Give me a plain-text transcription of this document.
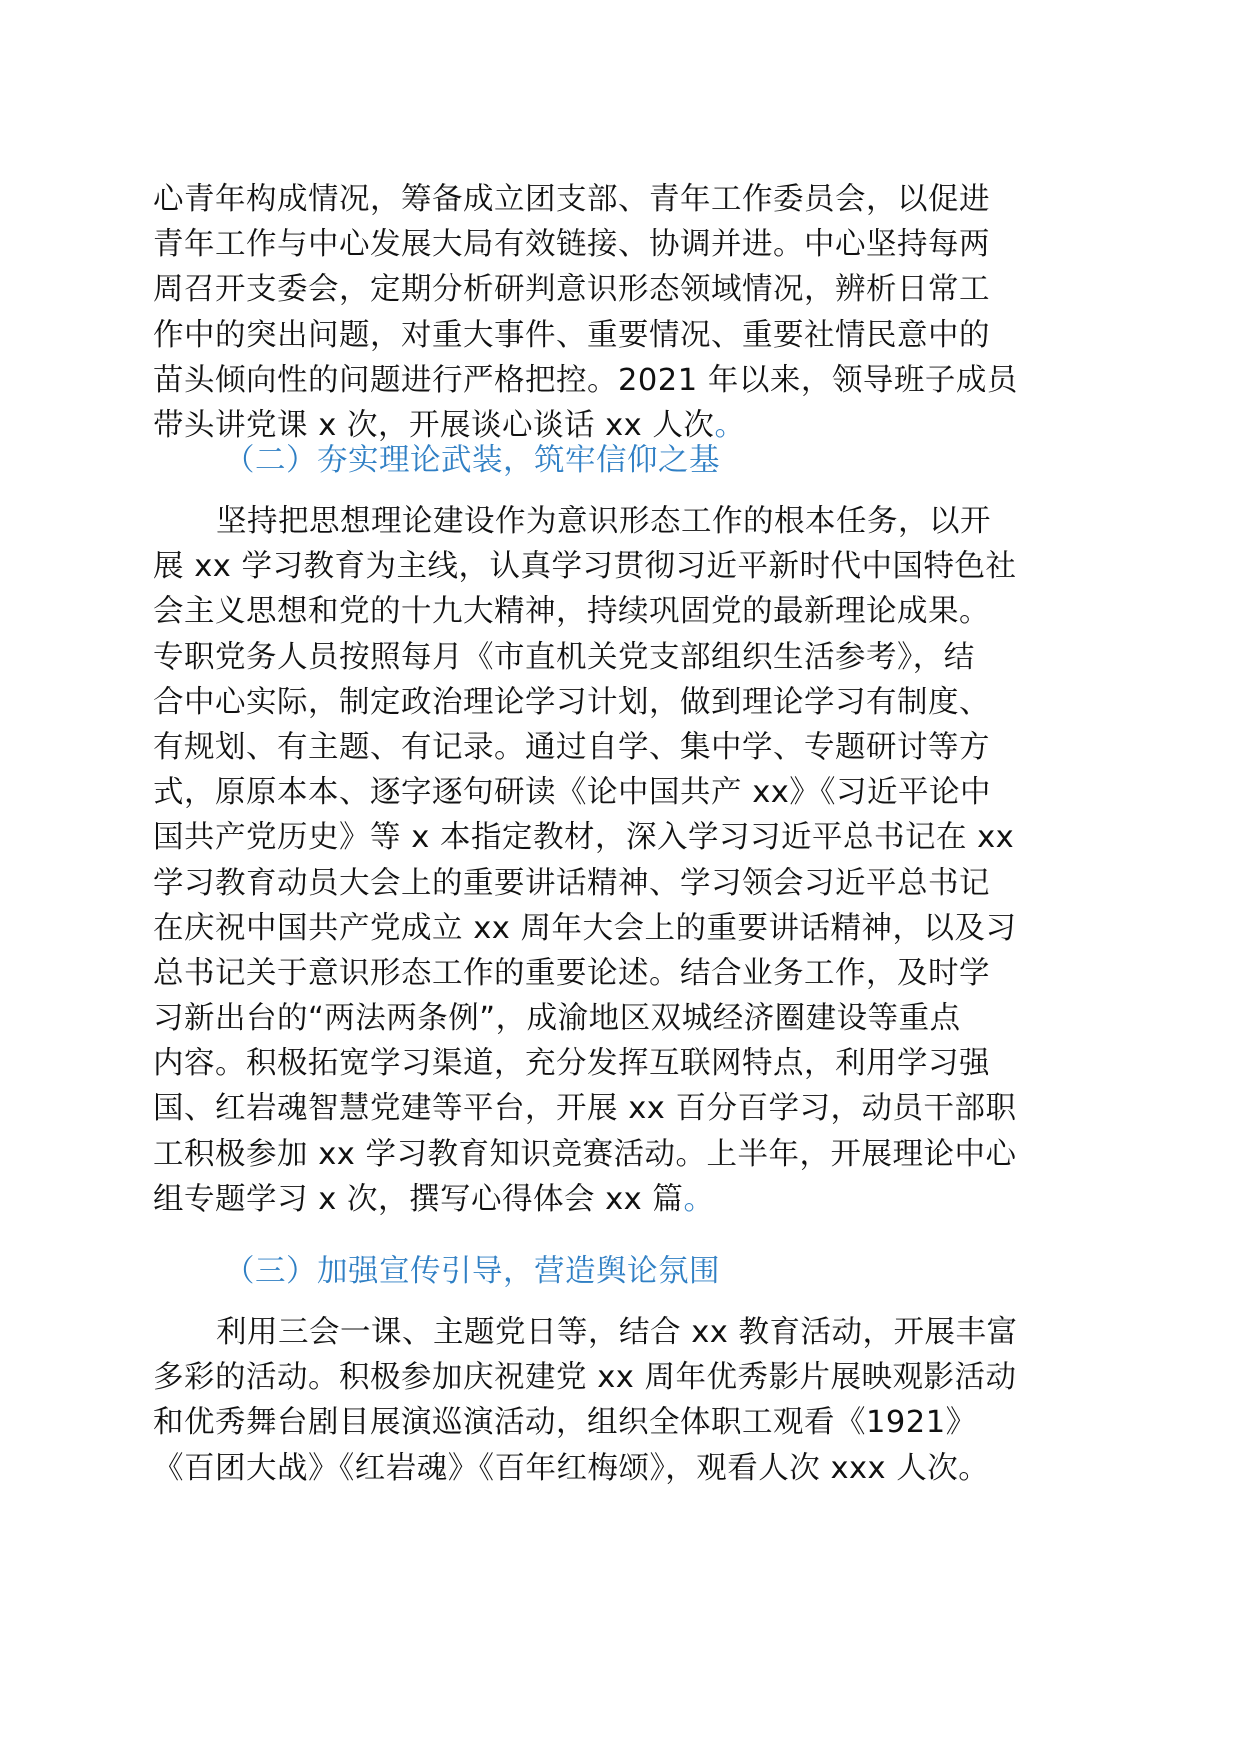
心青年构成情况，筹备成立团支部、青年工作委员会，以促进
青年工作与中心发展大局有效链接、协调并进。中心坚持每两
周召开支委会，定期分析研判意识形态领域情况，辨析日常工
作中的突出问题，对重大事件、重要情况、重要社情民意中的
苗头倾向性的问题进行严格把控。2021 年以来，领导班子成员
带头讲党课 x 次，开展谈心谈话 xx 人次。
（二）夯实理论武装，筑牢信仰之基
坚持把思想理论建设作为意识形态工作的根本任务，以开
展 xx 学习教育为主线，认真学习贯彻习近平新时代中国特色社
会主义思想和党的十九大精神，持续巩固党的最新理论成果。
专职党务人员按照每月《市直机关党支部组织生活参考》，结
合中心实际，制定政治理论学习计划，做到理论学习有制度、
有规划、有主题、有记录。通过自学、集中学、专题研讨等方
式，原原本本、逐字逐句研读《论中国共产 xx》《习近平论中
国共产党历史》等 x 本指定教材，深入学习习近平总书记在 xx
学习教育动员大会上的重要讲话精神、学习领会习近平总书记
在庆祝中国共产党成立 xx 周年大会上的重要讲话精神，以及习
总书记关于意识形态工作的重要论述。结合业务工作，及时学
习新出台的“两法两条例”，成渝地区双城经济圈建设等重点
内容。积极拓宽学习渠道，充分发挥互联网特点，利用学习强
国、红岩魂智慧党建等平台，开展 xx 百分百学习，动员干部职
工积极参加 xx 学习教育知识竞赛活动。上半年，开展理论中心
组专题学习 x 次，撰写心得体会 xx 篇。
（三）加强宣传引导，营造舆论氛围
利用三会一课、主题党日等，结合 xx 教育活动，开展丰富
多彩的活动。积极参加庆祝建党 xx 周年优秀影片展映观影活动
和优秀舞台剧目展演巡演活动，组织全体职工观看《1921》
《百团大战》《红岩魂》《百年红梅颂》，观看人次 xxx 人次。
